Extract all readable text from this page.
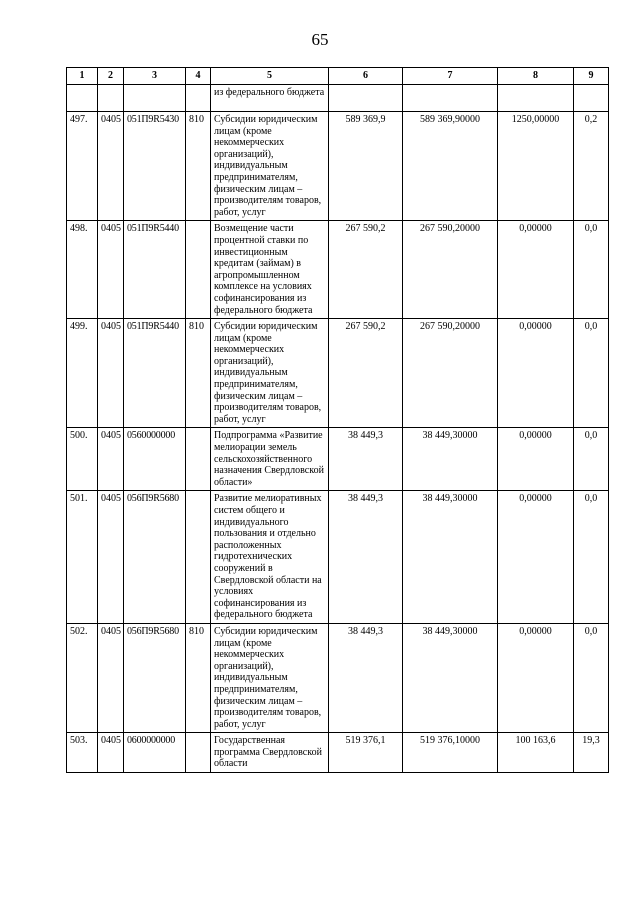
65
1	2	3	4	5	6	7	8	9
				из федерального бюджета				
497.	0405	051П9R5430	810	Субсидии юридическим лицам (кроме некоммерческих организаций), индивидуальным предпринимателям, физическим лицам – производителям товаров, работ, услуг	589 369,9	589 369,90000	1250,00000	0,2
498.	0405	051П9R5440		Возмещение части процентной ставки по инвестиционным кредитам (займам) в агропромышленном комплексе на условиях софинансирования из федерального бюджета	267 590,2	267 590,20000	0,00000	0,0
499.	0405	051П9R5440	810	Субсидии юридическим лицам (кроме некоммерческих организаций), индивидуальным предпринимателям, физическим лицам – производителям товаров, работ, услуг	267 590,2	267 590,20000	0,00000	0,0
500.	0405	0560000000		Подпрограмма «Развитие мелиорации земель сельскохозяйственного назначения Свердловской области»	38 449,3	38 449,30000	0,00000	0,0
501.	0405	056П9R5680		Развитие мелиоративных систем общего и индивидуального пользования и отдельно расположенных гидротехнических сооружений в Свердловской области на условиях софинансирования из федерального бюджета	38 449,3	38 449,30000	0,00000	0,0
502.	0405	056П9R5680	810	Субсидии юридическим лицам (кроме некоммерческих организаций), индивидуальным предпринимателям, физическим лицам – производителям товаров, работ, услуг	38 449,3	38 449,30000	0,00000	0,0
503.	0405	0600000000		Государственная программа Свердловской области	519 376,1	519 376,10000	100 163,6	19,3
